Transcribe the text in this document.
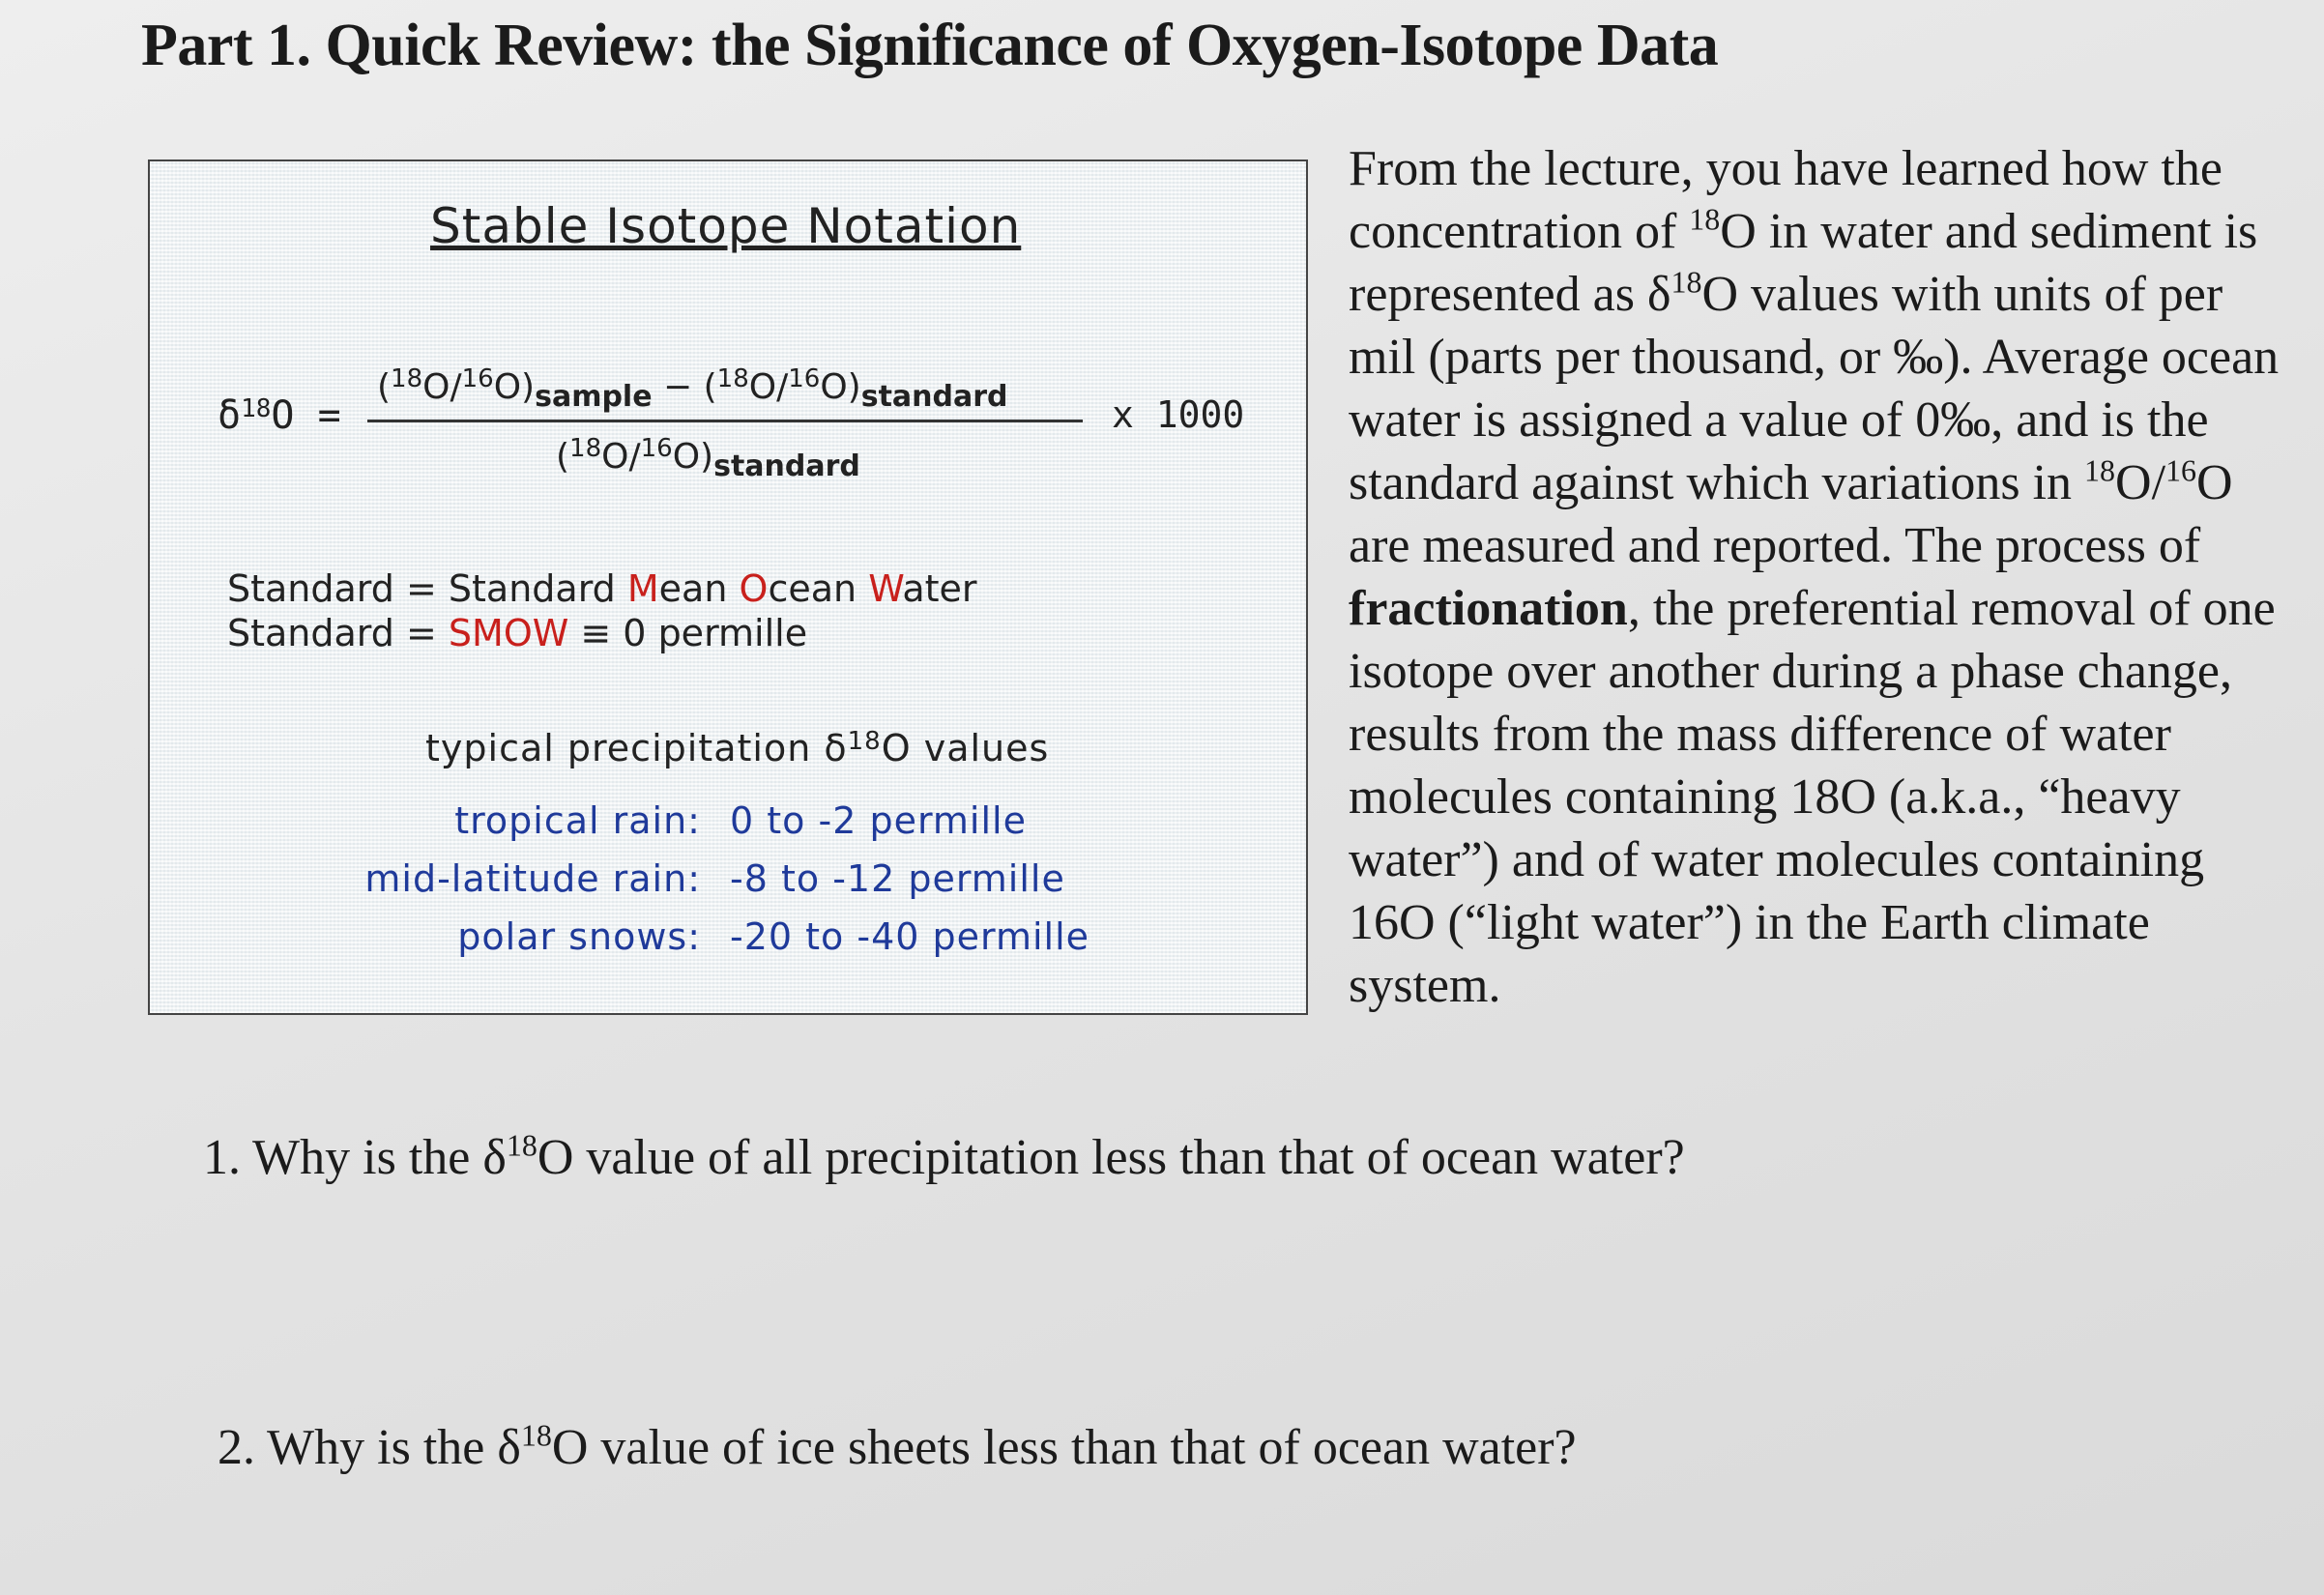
Part 1. Quick Review: the Significance of Oxygen-Isotope Data
Stable Isotope Notation
$\delta^{18}O$ =
$(^{18}O/^{16}O)_{sample} - (^{18}O/^{16}O)_{standard}$
$(^{18}O/^{16}O)_{standard}$
x 1000
Standard = Standard Mean Ocean Water
Standard = SMOW ≡ 0 permille
typical precipitation $\delta^{18}O$ values
tropical rain: 0 to -2 permille
mid-latitude rain: -8 to -12 permille
polar snows: -20 to -40 permille
From the lecture, you have learned how the concentration of $^{18}$O in water and sediment is represented as $\delta^{18}O$ values with units of per mil (parts per thousand, or ‰). Average ocean water is assigned a value of 0‰, and is the standard against which variations in $^{18}$O/$^{16}$O are measured and reported. The process of fractionation, the preferential removal of one isotope over another during a phase change, results from the mass difference of water molecules containing 18O (a.k.a., “heavy water”) and of water molecules containing 16O (“light water”) in the Earth climate system.
1. Why is the $\delta^{18}O$ value of all precipitation less than that of ocean water?
2. Why is the $\delta^{18}O$ value of ice sheets less than that of ocean water?
